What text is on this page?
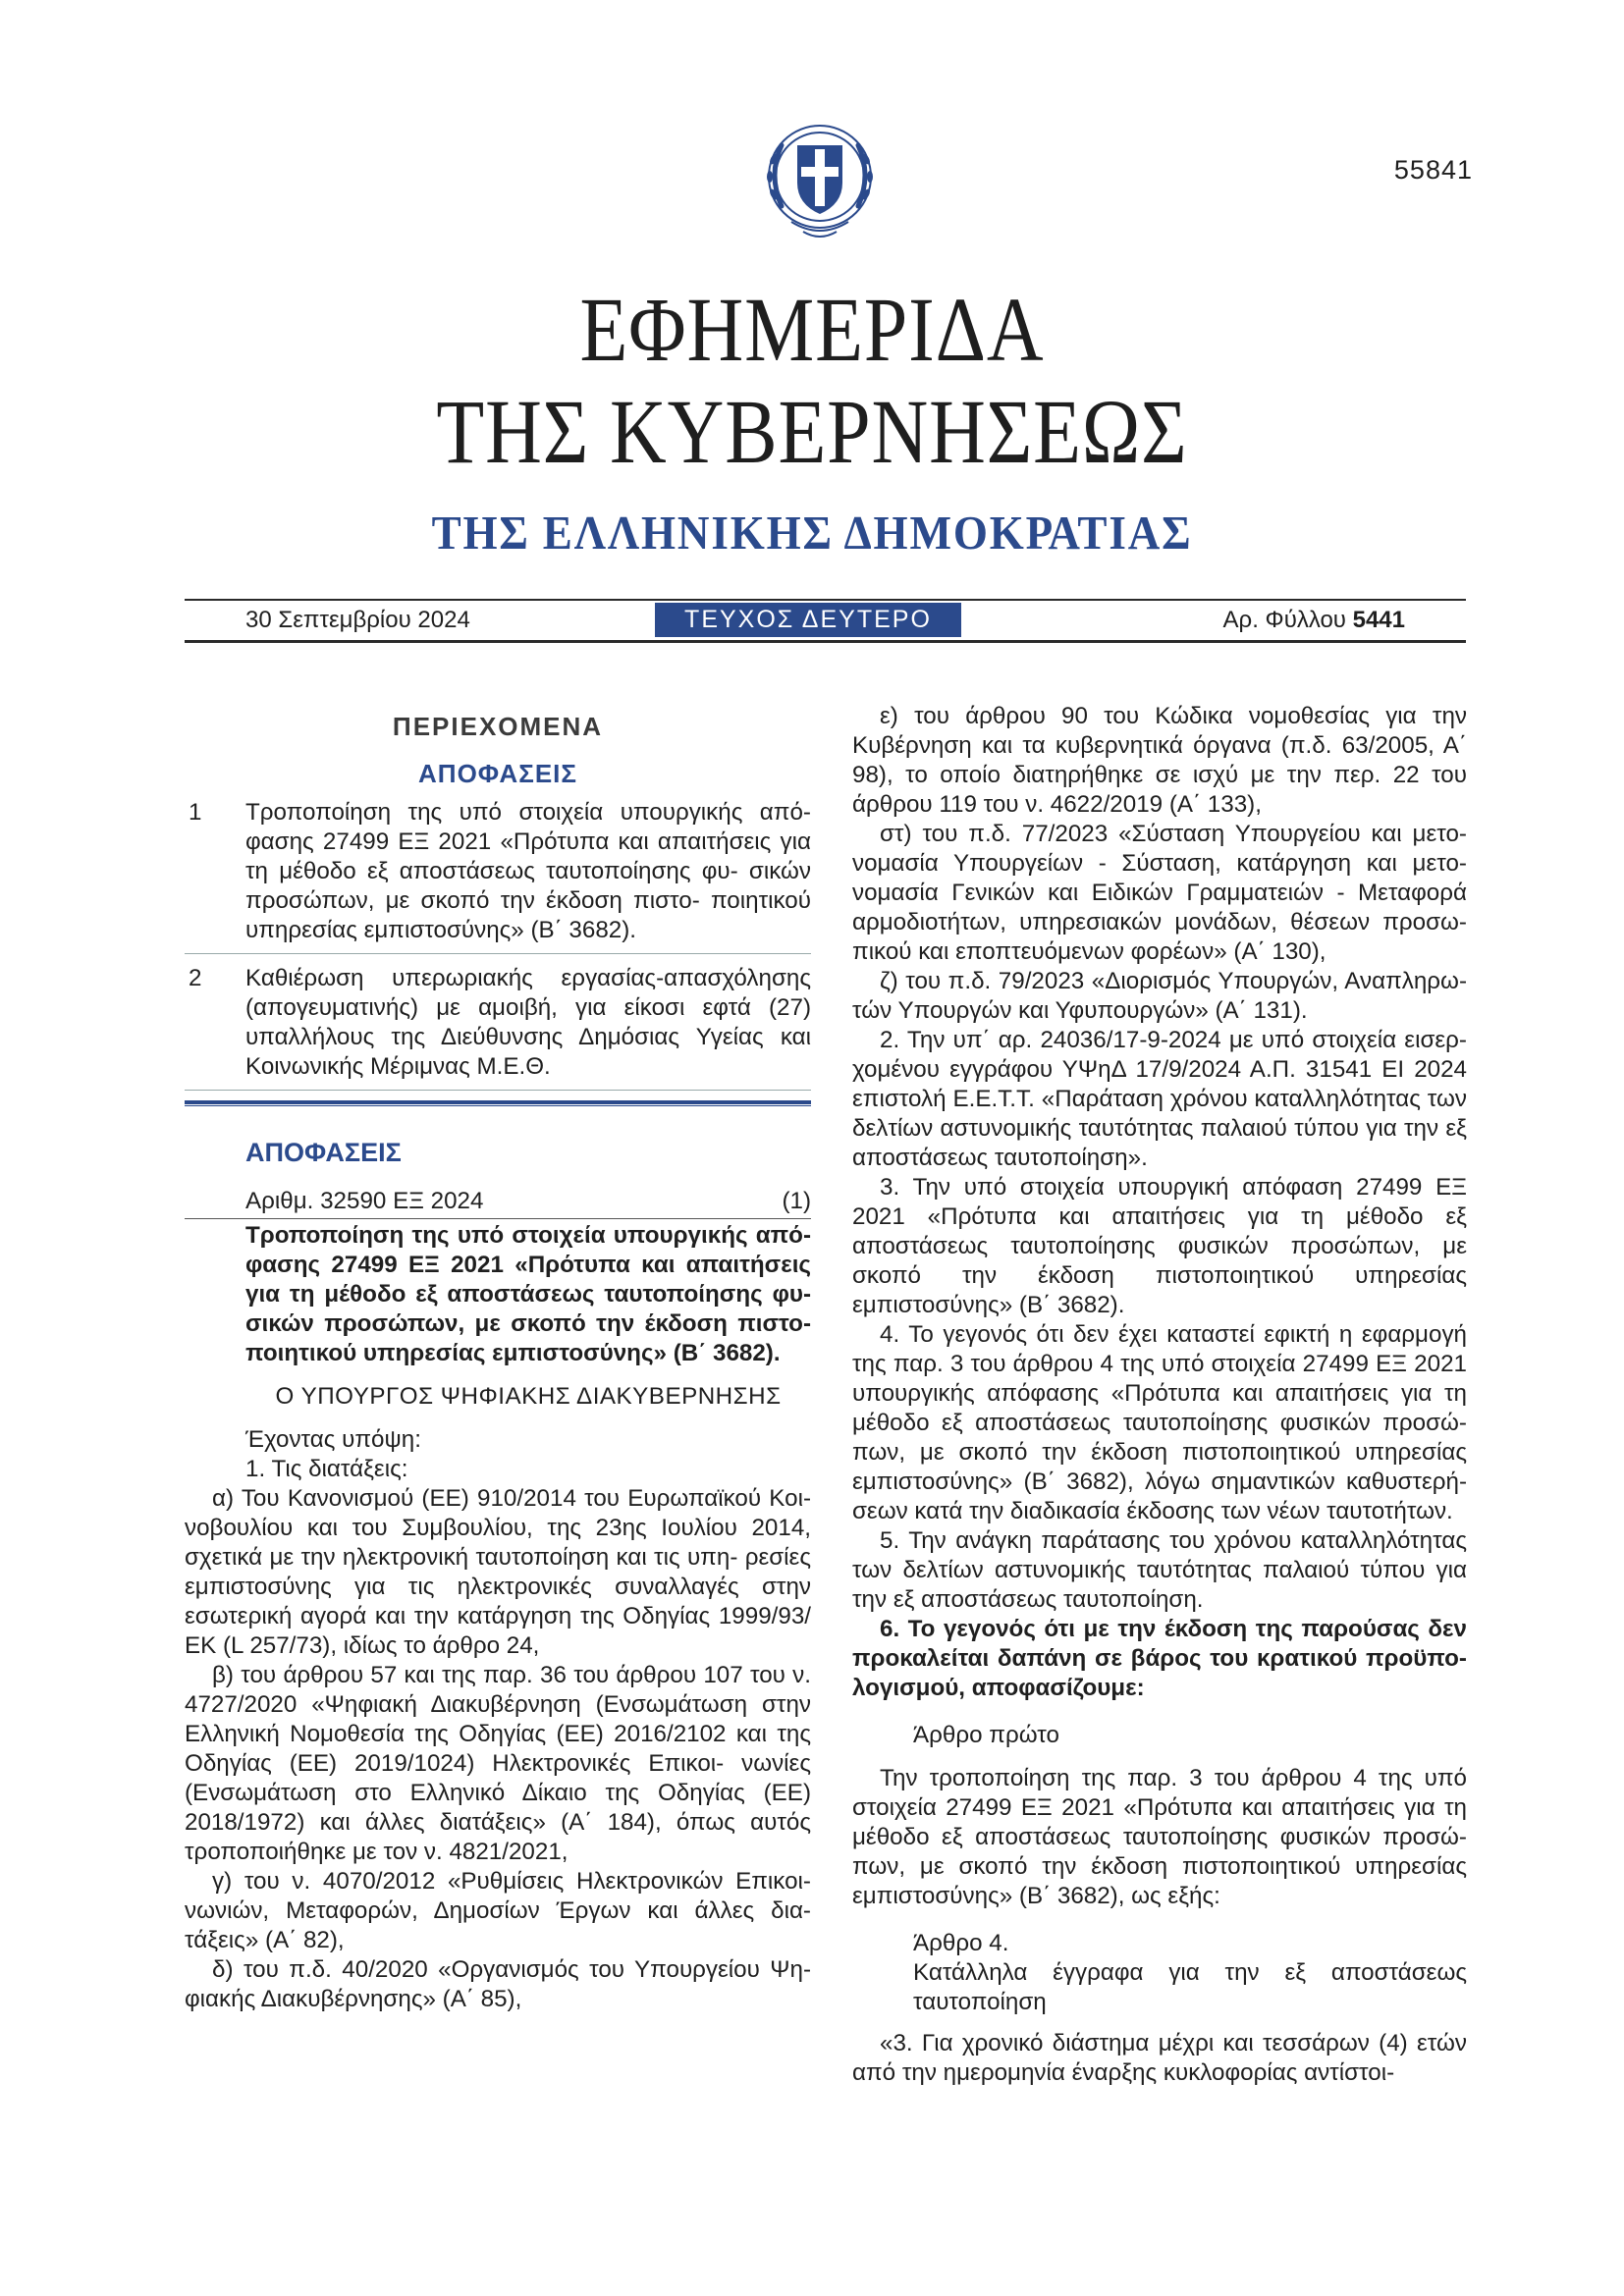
55841
ΕΦΗΜΕΡΙΔΑ
ΤΗΣ ΚΥΒΕΡΝΗΣΕΩΣ
ΤΗΣ ΕΛΛΗΝΙΚΗΣ ΔΗΜΟΚΡΑΤΙΑΣ
30 Σεπτεμβρίου 2024	ΤΕΥΧΟΣ ΔΕΥΤΕΡΟ	Αρ. Φύλλου 5441
ΠΕΡΙΕΧΟΜΕΝΑ
ΑΠΟΦΑΣΕΙΣ
1	Τροποποίηση της υπό στοιχεία υπουργικής από- φασης 27499 ΕΞ 2021 «Πρότυπα και απαιτήσεις για τη μέθοδο εξ αποστάσεως ταυτοποίησης φυ- σικών προσώπων, με σκοπό την έκδοση πιστο- ποιητικού υπηρεσίας εμπιστοσύνης» (Β΄ 3682).
2	Καθιέρωση υπερωριακής εργασίας-απασχόλησης (απογευματινής) με αμοιβή, για είκοσι εφτά (27) υπαλλήλους της Διεύθυνσης Δημόσιας Υγείας και Κοινωνικής Μέριμνας Μ.Ε.Θ.
ΑΠΟΦΑΣΕΙΣ
Αριθμ. 32590 ΕΞ 2024	(1)
Τροποποίηση της υπό στοιχεία υπουργικής από- φασης 27499 ΕΞ 2021 «Πρότυπα και απαιτήσεις για τη μέθοδο εξ αποστάσεως ταυτοποίησης φυ- σικών προσώπων, με σκοπό την έκδοση πιστο- ποιητικού υπηρεσίας εμπιστοσύνης» (Β΄ 3682).
Ο ΥΠΟΥΡΓΟΣ ΨΗΦΙΑΚΗΣ ΔΙΑΚΥΒΕΡΝΗΣΗΣ
Έχοντας υπόψη:
1. Τις διατάξεις:
α) Του Κανονισμού (ΕΕ) 910/2014 του Ευρωπαϊκού Κοι- νοβουλίου και του Συμβουλίου, της 23ης Ιουλίου 2014, σχετικά με την ηλεκτρονική ταυτοποίηση και τις υπη- ρεσίες εμπιστοσύνης για τις ηλεκτρονικές συναλλαγές στην εσωτερική αγορά και την κατάργηση της Οδηγίας 1999/93/ΕΚ (L 257/73), ιδίως το άρθρο 24,
β) του άρθρου 57 και της παρ. 36 του άρθρου 107 του ν. 4727/2020 «Ψηφιακή Διακυβέρνηση (Ενσωμάτωση στην Ελληνική Νομοθεσία της Οδηγίας (ΕΕ) 2016/2102 και της Οδηγίας (ΕΕ) 2019/1024) Ηλεκτρονικές Επικοι- νωνίες (Ενσωμάτωση στο Ελληνικό Δίκαιο της Οδηγίας (ΕΕ) 2018/1972) και άλλες διατάξεις» (Α΄ 184), όπως αυτός τροποποιήθηκε με τον ν. 4821/2021,
γ) του ν. 4070/2012 «Ρυθμίσεις Ηλεκτρονικών Επικοι- νωνιών, Μεταφορών, Δημοσίων Έργων και άλλες δια- τάξεις» (Α΄ 82),
δ) του π.δ. 40/2020 «Οργανισμός του Υπουργείου Ψη- φιακής Διακυβέρνησης» (Α΄ 85),
ε) του άρθρου 90 του Κώδικα νομοθεσίας για την Κυβέρνηση και τα κυβερνητικά όργανα (π.δ. 63/2005, Α΄ 98), το οποίο διατηρήθηκε σε ισχύ με την περ. 22 του άρθρου 119 του ν. 4622/2019 (Α΄ 133),
στ) του π.δ. 77/2023 «Σύσταση Υπουργείου και μετο- νομασία Υπουργείων - Σύσταση, κατάργηση και μετο- νομασία Γενικών και Ειδικών Γραμματειών - Μεταφορά αρμοδιοτήτων, υπηρεσιακών μονάδων, θέσεων προσω- πικού και εποπτευόμενων φορέων» (Α΄ 130),
ζ) του π.δ. 79/2023 «Διορισμός Υπουργών, Αναπληρω- τών Υπουργών και Υφυπουργών» (Α΄ 131).
2. Την υπ΄ αρ. 24036/17-9-2024 με υπό στοιχεία εισερ- χομένου εγγράφου ΥΨηΔ 17/9/2024 Α.Π. 31541 ΕΙ 2024 επιστολή Ε.Ε.Τ.Τ. «Παράταση χρόνου καταλληλότητας των δελτίων αστυνομικής ταυτότητας παλαιού τύπου για την εξ αποστάσεως ταυτοποίηση».
3. Την υπό στοιχεία υπουργική απόφαση 27499 ΕΞ 2021 «Πρότυπα και απαιτήσεις για τη μέθοδο εξ αποστάσεως ταυτοποίησης φυσικών προσώπων, με σκοπό την έκδοση πιστοποιητικού υπηρεσίας εμπιστοσύνης» (Β΄ 3682).
4. Το γεγονός ότι δεν έχει καταστεί εφικτή η εφαρμογή της παρ. 3 του άρθρου 4 της υπό στοιχεία 27499 ΕΞ 2021 υπουργικής απόφασης «Πρότυπα και απαιτήσεις για τη μέθοδο εξ αποστάσεως ταυτοποίησης φυσικών προσώ- πων, με σκοπό την έκδοση πιστοποιητικού υπηρεσίας εμπιστοσύνης» (Β΄ 3682), λόγω σημαντικών καθυστερή- σεων κατά την διαδικασία έκδοσης των νέων ταυτοτήτων.
5. Την ανάγκη παράτασης του χρόνου καταλληλότητας των δελτίων αστυνομικής ταυτότητας παλαιού τύπου για την εξ αποστάσεως ταυτοποίηση.
6. Το γεγονός ότι με την έκδοση της παρούσας δεν προκαλείται δαπάνη σε βάρος του κρατικού προϋπο- λογισμού, αποφασίζουμε:
Άρθρο πρώτο
Την τροποποίηση της παρ. 3 του άρθρου 4 της υπό στοιχεία 27499 ΕΞ 2021 «Πρότυπα και απαιτήσεις για τη μέθοδο εξ αποστάσεως ταυτοποίησης φυσικών προσώ- πων, με σκοπό την έκδοση πιστοποιητικού υπηρεσίας εμπιστοσύνης» (Β΄ 3682), ως εξής:
Άρθρο 4.
Κατάλληλα έγγραφα για την εξ αποστάσεως ταυτοποίηση
«3. Για χρονικό διάστημα μέχρι και τεσσάρων (4) ετών από την ημερομηνία έναρξης κυκλοφορίας αντίστοι-
